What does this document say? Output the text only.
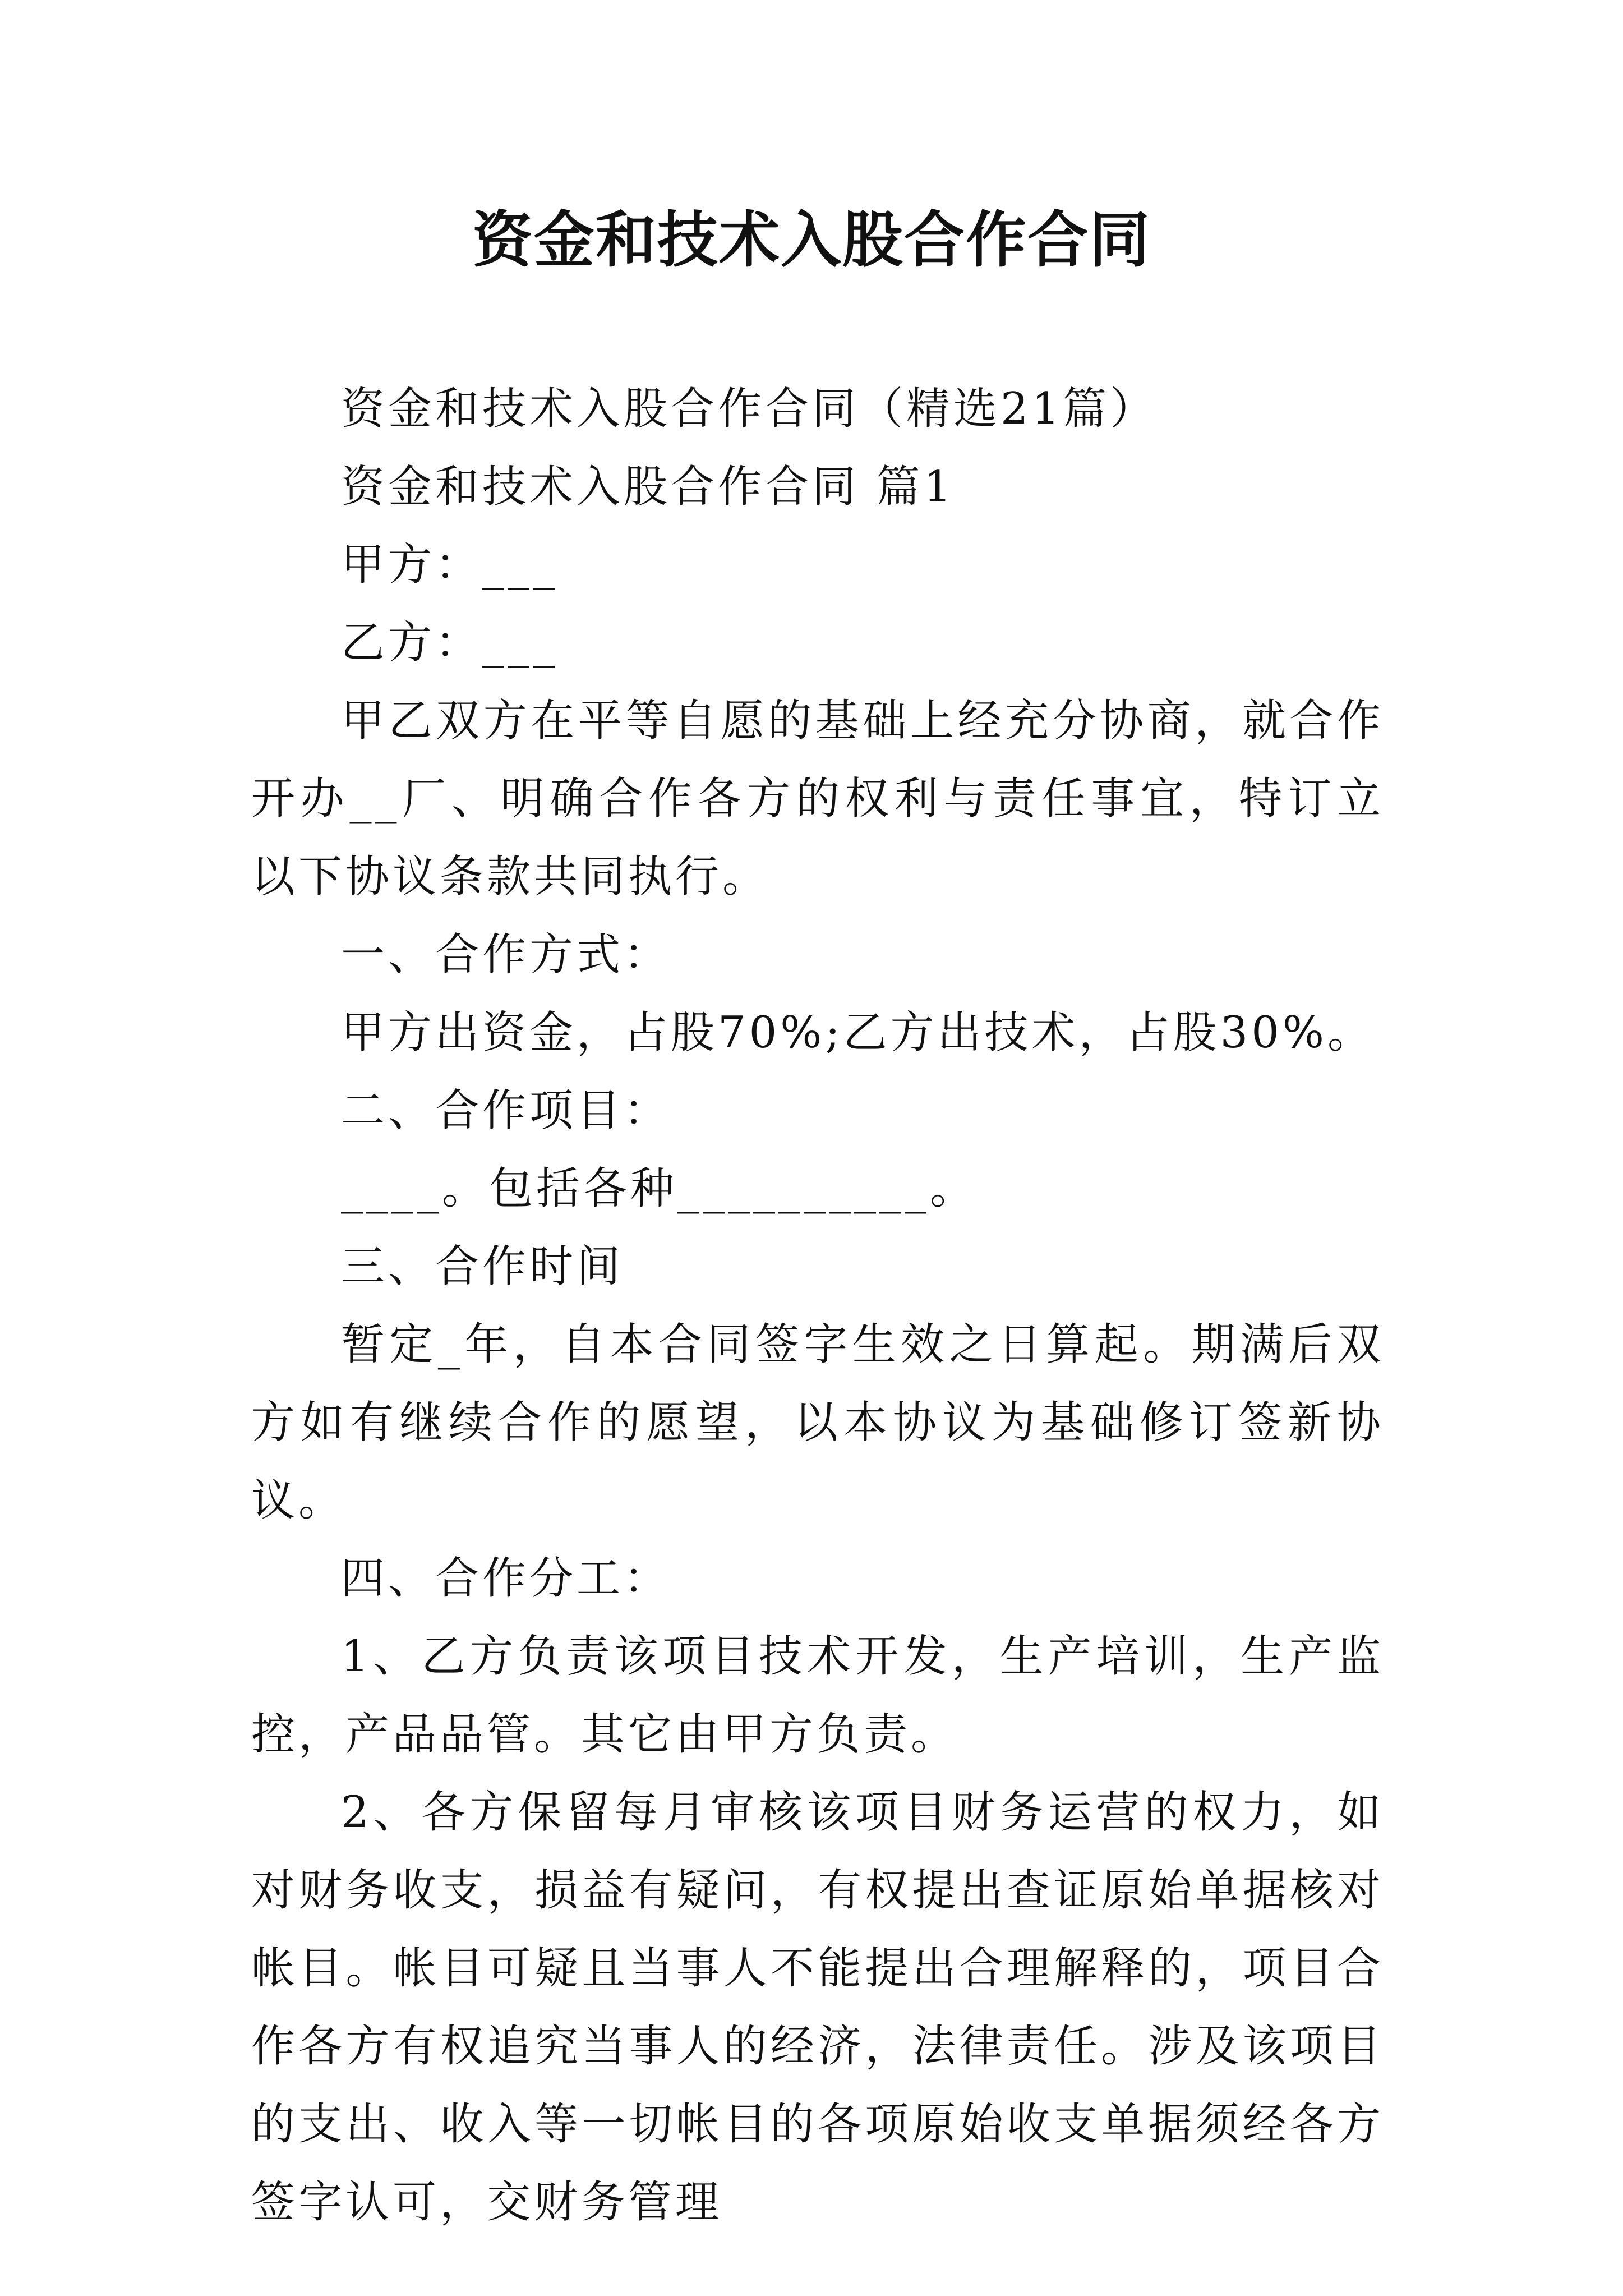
资金和技术入股合作合同

资金和技术入股合作合同（精选21篇）

资金和技术入股合作合同 篇1

甲方：___

乙方：___

甲乙双方在平等自愿的基础上经充分协商，就合作开办__厂、明确合作各方的权利与责任事宜，特订立以下协议条款共同执行。

一、合作方式：

甲方出资金，占股70%;乙方出技术，占股30%。

二、合作项目：

____。包括各种__________。

三、合作时间

暂定_年，自本合同签字生效之日算起。期满后双方如有继续合作的愿望，以本协议为基础修订签新协议。

四、合作分工：

1、乙方负责该项目技术开发，生产培训，生产监控，产品品管。其它由甲方负责。

2、各方保留每月审核该项目财务运营的权力，如对财务收支，损益有疑问，有权提出查证原始单据核对帐目。帐目可疑且当事人不能提出合理解释的，项目合作各方有权追究当事人的经济，法律责任。涉及该项目的支出、收入等一切帐目的各项原始收支单据须经各方签字认可，交财务管理
